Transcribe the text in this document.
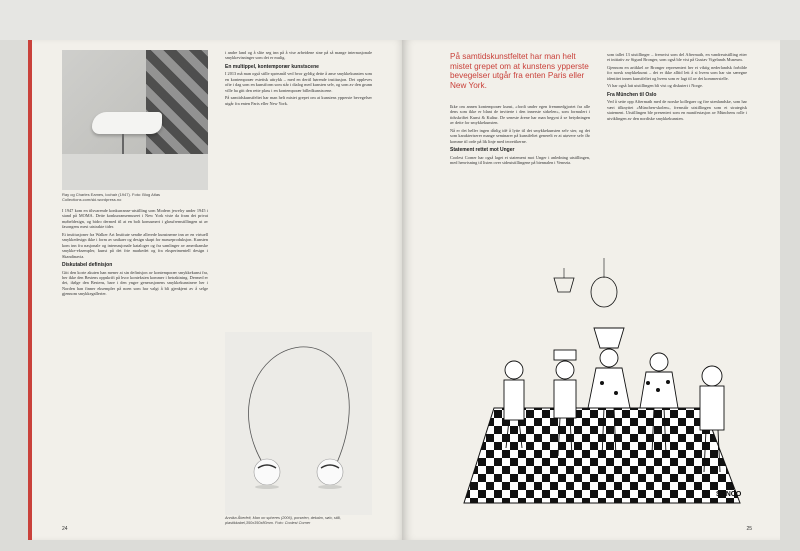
Ray og Charles Eames, lochair (1947). Foto: Blog Atlas Collections.com/ski.wordpress.no

I 1947 kom en tilsvarende konkurranse-utstilling som Modern jewelry under 1945 i stand på MOMA. Dette konkurransemuseet i New York viste da fram det privat møbeldesign, og bidro dermed til at en bolt konsumert i glassfremstillingen ut av fasongens mest utstrakte tider.

Et institusjoner fra Walker Art Institute sendte allerede kunstnerne inn av en virtuell smykkedesign ikke i form av unikaer og design skapt for masseproduksjon. Kunsten kom inn fra nasjonale og internasjonale kataloger og fra samlinger av amerikanske smykke-eksempler, kunst på det frie markedet og fra eksperimentell design i Skandinavia.

Diskutabel definisjon

Gitt den korte akuten han mener at sin definisjon av kontemporær smykkekunst fra, her ikke den Bestens oppskrift på hvor konteksten kommer i betraktning. Dermed er det, ifølge den Bestens, bare i den yngre generasjonens smykkekunstnere her i Norden han finner eksempler på noen som har valgt å bli gjenkjent av å selge gjennom smykkegallerier.

i andre land og å slite seg inn på å vise arbeidene sine på så mange internasjonale smykkevisninger som det er mulig.

En multippel, kontemporær kunstscene

I 2013 må man også stille spørsmål ved hvor gyldig dette å anse smykkekunsten som en kontemporær estetisk uttrykk – med en dertil hørende institusjon. Det oppleves ofte i dag som en kunstform som står i dialog med kunsten selv, og som av den grunn ville ha gitt den rette plass i en kontemporær billedkunstscene.

På samtidskunstfeltet har man helt mistet grepet om at kunstens ypperste bevegelser utgår fra enten Paris eller New York.

Annika Åkerfelt, Man on spheres (2006), porselen, dekalm, sølv, stål, plastikkabel,350x350x80mm. Foto: Coolest Corner
24
På samtidskunstfeltet har man helt mistet grepet om at kunstens ypperste bevegelser utgår fra enten Paris eller New York.

Ikke om annen kontemporær kunst, «fordi under egen fremmedgjortet fra alle dens som ikke er blant de inviterte i den innerste sirkelen», som formulert i tidsskriftet Kunst & Kultur. De seneste årene har man begynt å se betydningen av dette for smykkekunsten.

Nå er det heller ingen dårlig idé å lytte til det smykkekunsten selv sier, og det som karakteriserer mange seminarer på kunstfeltet generelt er at utøvere selv får komme til orde på lik linje med teoretikerne.

Statement rettet mot Unger

Coolest Corner har også laget et statement mot Unger i anledning utstillingen, med henvisning til listen over sideutstillingene på biennalen i Venezia.

som tallet 13 utstillinger – fremvist som del Aftermath, en vandreutstilling etter et initiativ av Sigurd Bronger, som også ble vist på Gustav Vigelands Museum.

Gjennom en artikkel av Bronger representert her et viktig nederlandsk forbilde for norsk smykkekunst – det er ikke alltid lett å si hvem som har sin særegne identitet innen kunstfeltet og hvem som er lagt til av det kommersielle.

Vi har også latt utstillingen bli vist og diskutert i Norge.

Fra München til Oslo

Ved å sette opp Aftermath med de norske kollegaer og fire utenlandske, som har vært tilknyttet «München-skolen», fremstår utstillingen som et strategisk statement. Utstillingen ble presentert som en manifestasjon av Münchens rolle i utviklingen av den nordiske smykkekunsten.

SANCO
25
